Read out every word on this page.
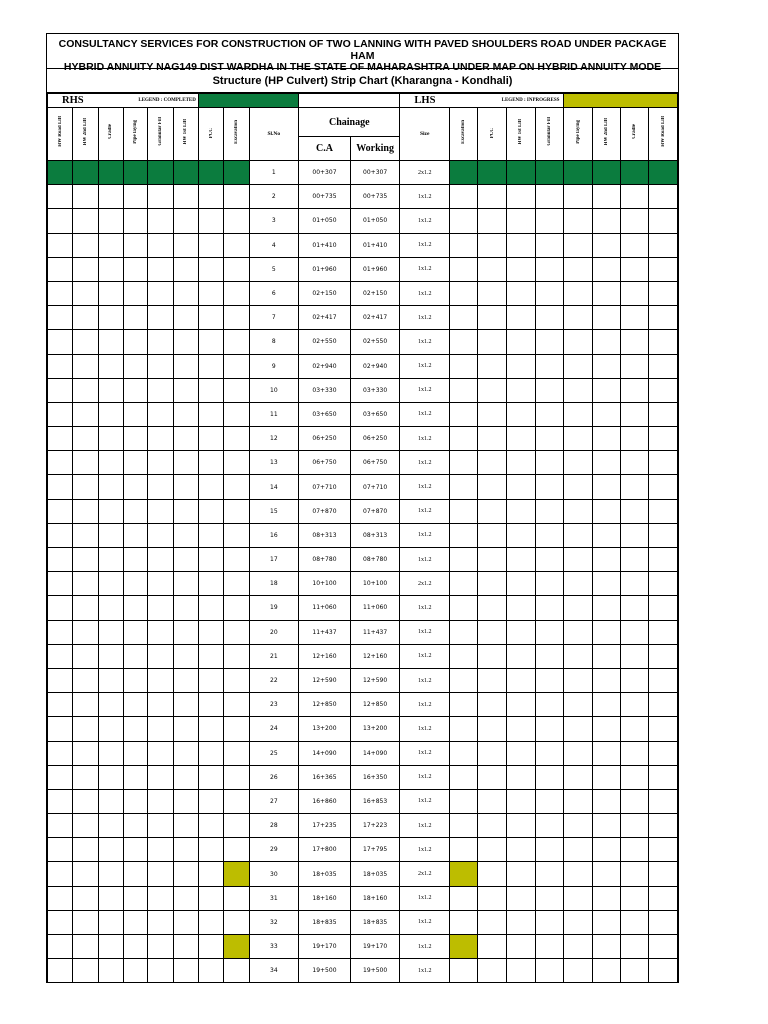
CONSULTANCY SERVICES FOR CONSTRUCTION OF TWO LANNING WITH PAVED SHOULDERS ROAD UNDER PACKAGE HAM
HYBRID ANNUITY NAG149 DIST WARDHA IN THE STATE OF MAHARASHTRA UNDER MAP ON HYBRID ANNUITY MODE
Structure (HP Culvert) Strip Chart (Kharangna - Kondhali)
RHS		LEGEND : COMPLETED									LHS		LEGEND : INPROGRESS						
HW Road Lift	HW 2nd Lift	Cradle	Pipe laying	Granular Fill	HW 1st Lift	PCC	Excavation	Sl.No	Chainage		Size	Excavation	PCC	HW 1st Lift	Granular Fill	Pipe laying	HW 2nd Lift	Cradle	HW Road Lift
									C.A	Working									
								1	00+307	00+307	2x1.2								
								2	00+735	00+735	1x1.2								
								3	01+050	01+050	1x1.2								
								4	01+410	01+410	1x1.2								
								5	01+960	01+960	1x1.2								
								6	02+150	02+150	1x1.2								
								7	02+417	02+417	1x1.2								
								8	02+550	02+550	1x1.2								
								9	02+940	02+940	1x1.2								
								10	03+330	03+330	1x1.2								
								11	03+650	03+650	1x1.2								
								12	06+250	06+250	1x1.2								
								13	06+750	06+750	1x1.2								
								14	07+710	07+710	1x1.2								
								15	07+870	07+870	1x1.2								
								16	08+313	08+313	1x1.2								
								17	08+780	08+780	1x1.2								
								18	10+100	10+100	2x1.2								
								19	11+060	11+060	1x1.2								
								20	11+437	11+437	1x1.2								
								21	12+160	12+160	1x1.2								
								22	12+590	12+590	1x1.2								
								23	12+850	12+850	1x1.2								
								24	13+200	13+200	1x1.2								
								25	14+090	14+090	1x1.2								
								26	16+365	16+350	1x1.2								
								27	16+860	16+853	1x1.2								
								28	17+235	17+223	1x1.2								
								29	17+800	17+795	1x1.2								
								30	18+035	18+035	2x1.2								
								31	18+160	18+160	1x1.2								
								32	18+835	18+835	1x1.2								
								33	19+170	19+170	1x1.2								
								34	19+500	19+500	1x1.2								
